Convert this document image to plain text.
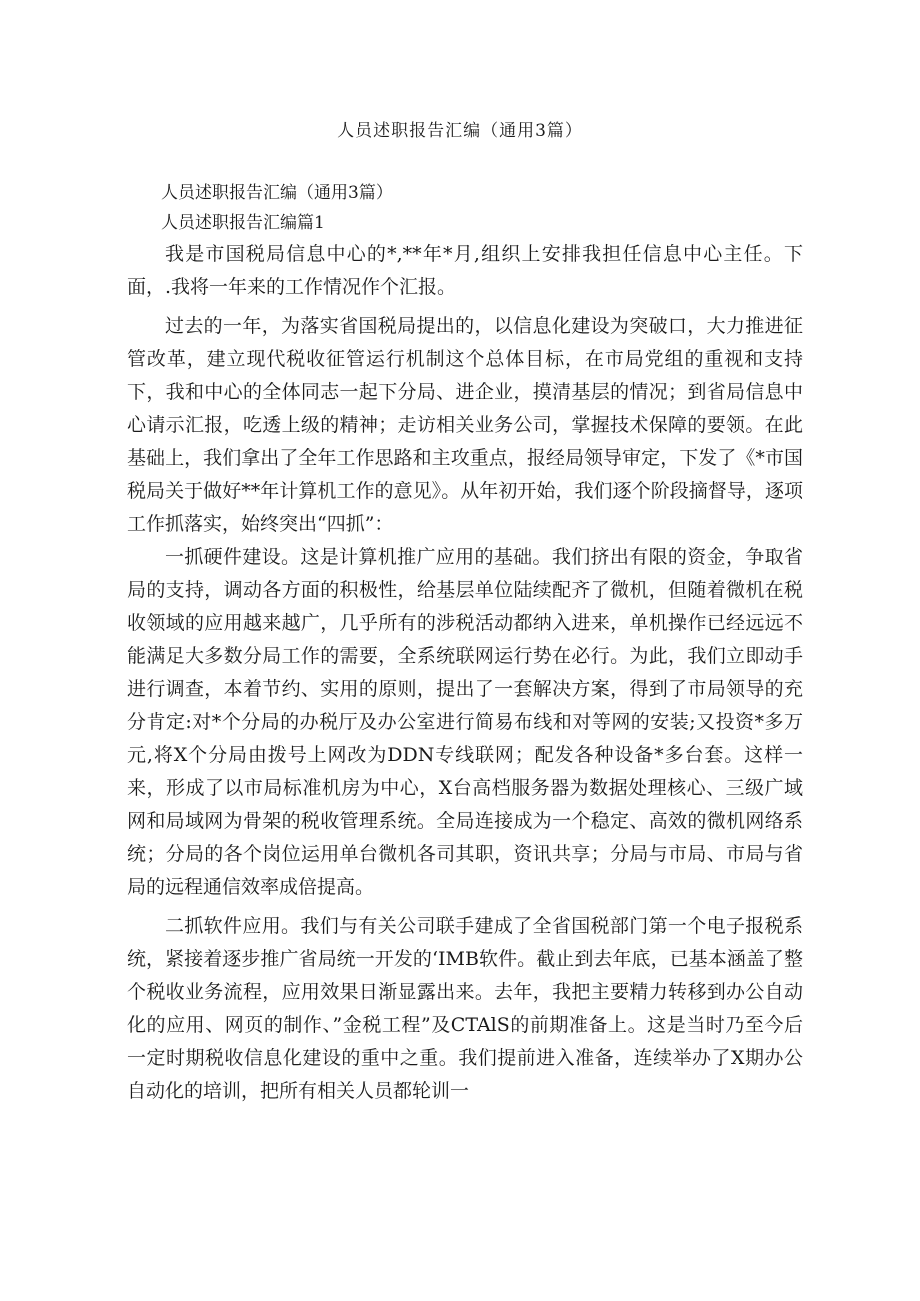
人员述职报告汇编（通用3篇）

人员述职报告汇编（通用3篇）

人员述职报告汇编篇1

我是市国税局信息中心的*,**年*月,组织上安排我担任信息中心主任。下面，.我将一年来的工作情况作个汇报。

过去的一年，为落实省国税局提出的，以信息化建设为突破口，大力推进征管改革，建立现代税收征管运行机制这个总体目标，在市局党组的重视和支持下，我和中心的全体同志一起下分局、进企业，摸清基层的情况；到省局信息中心请示汇报，吃透上级的精神；走访相关业务公司，掌握技术保障的要领。在此基础上，我们拿出了全年工作思路和主攻重点，报经局领导审定，下发了《*市国税局关于做好**年计算机工作的意见》。从年初开始，我们逐个阶段摘督导，逐项工作抓落实，始终突出“四抓”：

一抓硬件建设。这是计算机推广应用的基础。我们挤出有限的资金，争取省局的支持，调动各方面的积极性，给基层单位陆续配齐了微机，但随着微机在税收领域的应用越来越广，几乎所有的涉税活动都纳入进来，单机操作已经远远不能满足大多数分局工作的需要，全系统联网运行势在必行。为此，我们立即动手进行调查，本着节约、实用的原则，提出了一套解决方案，得到了市局领导的充分肯定:对*个分局的办税厅及办公室进行简易布线和对等网的安装;又投资*多万元,将X个分局由拨号上网改为DDN专线联网；配发各种设备*多台套。这样一来，形成了以市局标准机房为中心，X台高档服务器为数据处理核心、三级广域网和局域网为骨架的税收管理系统。全局连接成为一个稳定、高效的微机网络系统；分局的各个岗位运用单台微机各司其职，资讯共享；分局与市局、市局与省局的远程通信效率成倍提高。

二抓软件应用。我们与有关公司联手建成了全省国税部门第一个电子报税系统，紧接着逐步推广省局统一开发的‘IMB软件。截止到去年底，已基本涵盖了整个税收业务流程，应用效果日渐显露出来。去年，我把主要精力转移到办公自动化的应用、网页的制作、”金税工程”及CTAlS的前期准备上。这是当时乃至今后一定时期税收信息化建设的重中之重。我们提前进入准备，连续举办了X期办公自动化的培训，把所有相关人员都轮训一
